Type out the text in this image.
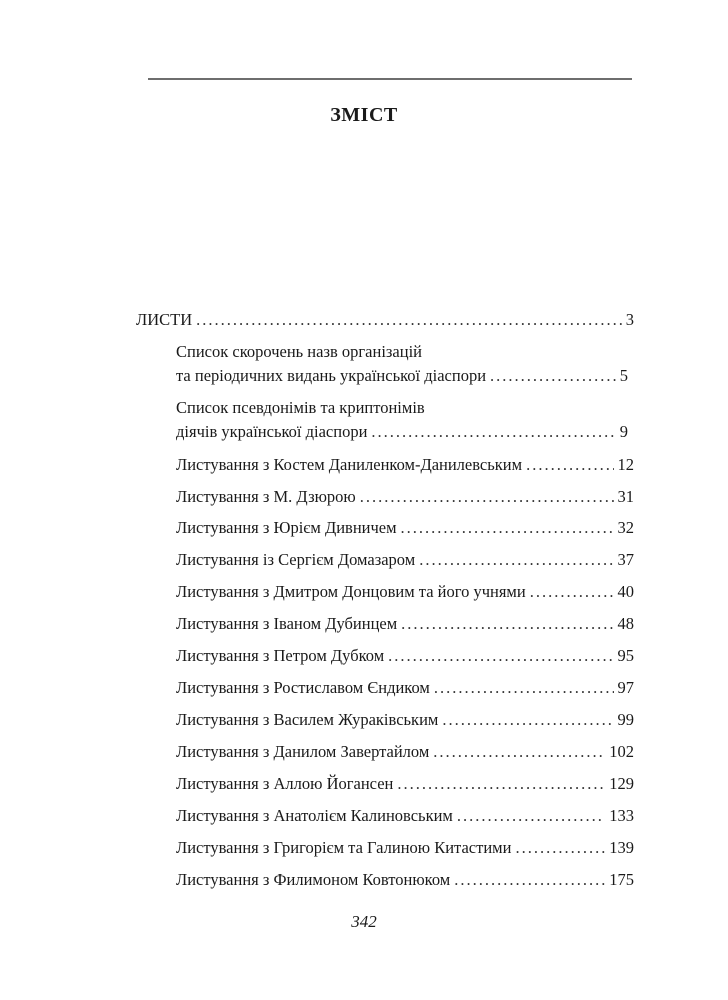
ЗМІСТ
ЛИСТИ .....	3
Список скорочень назв організацій
та періодичних видань української діаспори .....	5
Список псевдонімів та криптонімів
діячів української діаспори .....	9
Листування з Костем Даниленком-Данилевським .....	12
Листування з М. Дзюрою .....	31
Листування з Юрієм Дивничем .....	32
Листування із Сергієм Домазаром .....	37
Листування з Дмитром Донцовим та його учнями .....	40
Листування з Іваном Дубинцем .....	48
Листування з Петром Дубком .....	95
Листування з Ростиславом Єндиком .....	97
Листування з Василем Жураківським .....	99
Листування з Данилом Завертайлом .....	102
Листування з Аллою Йогансен .....	129
Листування з Анатолієм Калиновським .....	133
Листування з Григорієм та Галиною Китастими .....	139
Листування з Филимоном Ковтонюком .....	175
342
